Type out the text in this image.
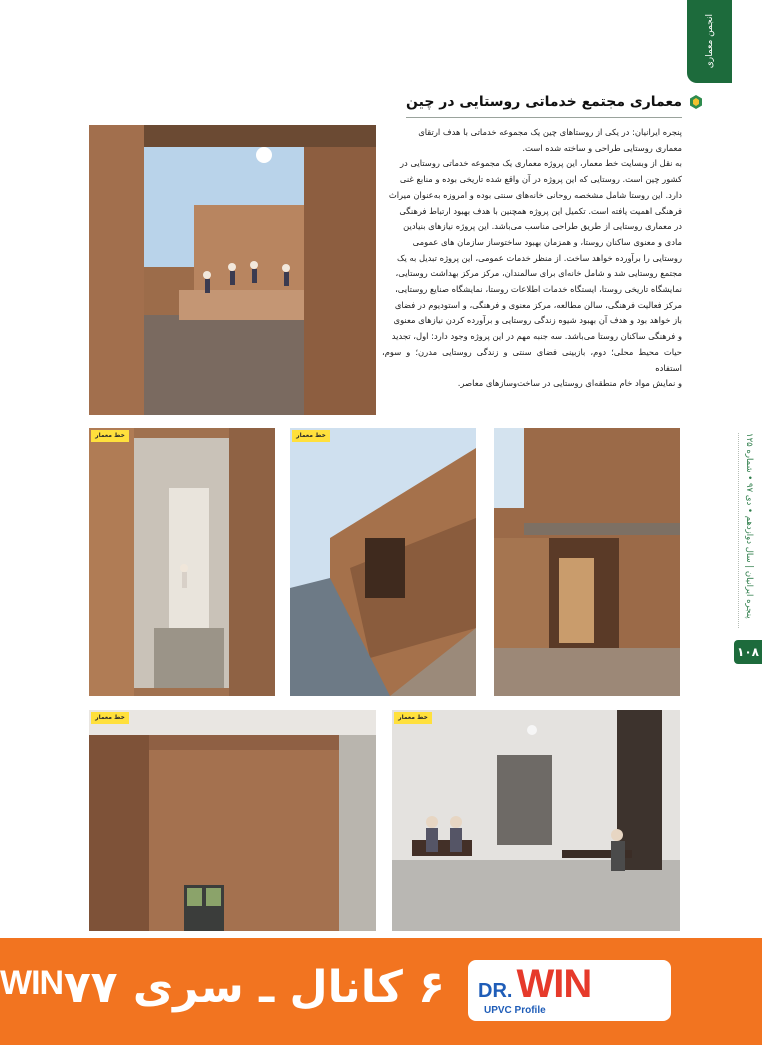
انجمن معماری
معماری مجتمع خدماتی روستایی در چین

پنجره ایرانیان: در یکی از روستاهای چین یک مجموعه خدماتی با هدف ارتقای

معماری روستایی طراحی و ساخته شده است.

به نقل از وبسایت خط معمار، این پروژه معماری یک مجموعه خدماتی روستایی در

کشور چین است. روستایی که این پروژه در آن واقع شده تاریخی بوده و منابع غنی

دارد. این روستا شامل مشخصه روحانی خانه‌های سنتی بوده و امروزه به‌عنوان میراث

فرهنگی اهمیت یافته است. تکمیل این پروژه همچنین با هدف بهبود ارتباط فرهنگی

در معماری روستایی از طریق طراحی مناسب می‌باشد. این پروژه نیازهای بنیادین

مادی و معنوی ساکنان روستا، و همزمان بهبود ساختوساز سازمان های عمومی

روستایی را برآورده خواهد ساخت. از منظر خدمات عمومی، این پروژه تبدیل به یک

مجتمع روستایی شد و شامل خانه‌ای برای سالمندان، مرکز مرکز بهداشت روستایی،

نمایشگاه تاریخی روستا، ایستگاه خدمات اطلاعات روستا، نمایشگاه صنایع روستایی،

مرکز فعالیت فرهنگی، سالن مطالعه، مرکز معنوی و فرهنگی، و استودیوم در فضای

باز خواهد بود و هدف آن بهبود شیوه زندگی روستایی و برآورده کردن نیازهای معنوی

و فرهنگی ساکنان روستا می‌باشد. سه جنبه مهم در این پروژه وجود دارد: اول، تجدید

حیات محیط محلی؛ دوم، بازبینی فضای سنتی و زندگی روستایی مدرن؛ و سوم، استفاده

و نمایش مواد خام منطقه‌ای روستایی در ساخت‌وسازهای معاصر.

خط معمار	خط معمار
خط معمار	خط معمار
پنجره ایرانیان | سال دوازدهم • دی ۹۷ • شماره ۱۲۵
۱۰۸
WIN ۶ کانال ـ سری ۷۷ DR. WIN
UPVC Profile
